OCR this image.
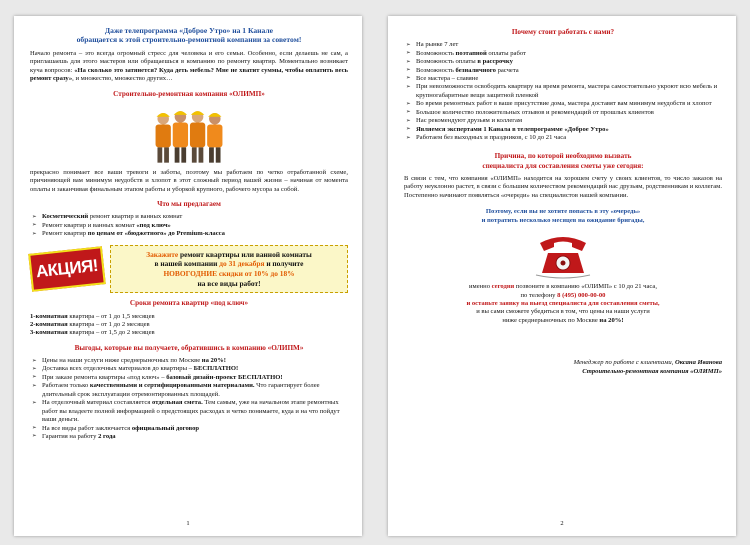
Даже телепрограмма «Доброе Утро» на 1 Канале
обращается к этой строительно-ремонтной компании за советом!

Начало ремонта – это всегда огромный стресс для человека и его семьи. Особенно, если делаешь не сам, а приглашаешь для этого мастеров или обращаешься в компанию по ремонту квартир. Моментально возникает куча вопросов: «На сколько это затянется? Куда деть мебель? Мне не хватит суммы, чтобы оплатить весь ремонт сразу», и множество, множество других…

Строительно-ремонтная компания «ОЛИМП»

прекрасно понимает все ваши тревоги и заботы, поэтому мы работаем по четко отработанной схеме, причиняющей вам минимум неудобств и хлопот в этот сложный период вашей жизни – начиная от момента оплаты и заканчивая финальным этапом работы и уборкой крупного, рабочего мусора за собой.

Что мы предлагаем
➢ Косметический ремонт квартир и ванных комнат
➢ Ремонт квартир и ванных комнат «под ключ»
➢ Ремонт квартир по ценам от «бюджетного» до Premium-класса
АКЦИЯ!
Закажите ремонт квартиры или ванной комнаты
в нашей компании до 31 декабря и получите
НОВОГОДНИЕ скидки от 10% до 18%
на все виды работ!
Сроки ремонта квартир «под ключ»
1-комнатная квартира – от 1 до 1,5 месяцев
2-комнатная квартира – от 1 до 2 месяцев
3-комнатная квартира – от 1,5 до 2 месяцев
Выгоды, которые вы получаете, обратившись в компанию «ОЛИПМ»
➢ Цены на наши услуги ниже среднерыночных по Москве на 20%!
➢ Доставка всех отделочных материалов до квартиры – БЕСПЛАТНО!
➢ При заказе ремонта квартиры «под ключ» – базовый дизайн-проект БЕСПЛАТНО!
➢ Работаем только качественными и сертифицированными материалами. Что гарантирует более длительный срок эксплуатации отремонтированных площадей.
➢ На отделочный материал составляется отдельная смета. Тем самым, уже на начальном этапе ремонтных работ вы владеете полной информацией о предстоящих расходах и четко понимаете, куда и на что пойдут ваши деньги.
➢ На все виды работ заключается официальный договор
➢ Гарантия на работу 2 года
1
Почему стоит работать с нами?
➢ На рынке 7 лет
➢ Возможность поэтапной оплаты работ
➢ Возможность оплаты в рассрочку
➢ Возможность безналичного расчета
➢ Все мастера – славяне
➢ При невозможности освободить квартиру на время ремонта, мастера самостоятельно укроют всю мебель и крупногабаритные вещи защитной пленкой
➢ Во время ремонтных работ в ваше присутствие дома, мастера доставят вам минимум неудобств и хлопот
➢ Большое количество положительных отзывов и рекомендаций от прошлых клиентов
➢ Нас рекомендуют друзьям и коллегам
➢ Являемся экспертами 1 Канала в телепрограмме «Доброе Утро»
➢ Работаем без выходных и праздников, с 10 до 21 часа
Причина, по которой необходимо вызвать
специалиста для составления сметы уже сегодня:

В связи с тем, что компания «ОЛИМП» находится на хорошем счету у своих клиентов, то число заказов на работу неуклонно растет, в связи с большим количеством рекомендаций нас друзьям, родственникам и коллегам. Постепенно начинают появляться «очереди» на специалистов нашей компании.

Поэтому, если вы не хотите попасть в эту «очередь»
и потратить несколько месяцев на ожидание бригады,
именно сегодня позвоните в компанию «ОЛИМП» с 10 до 21 часа,
по телефону 8 (495) 000-00-00
и оставьте заявку на выезд специалиста для составления сметы,
и вы сами сможете убедиться в том, что цены на наши услуги
ниже среднерыночных по Москве на 20%!
Менеджер по работе с клиентами, Оксана Иванова
Строительно-ремонтная компания «ОЛИМП»
2
